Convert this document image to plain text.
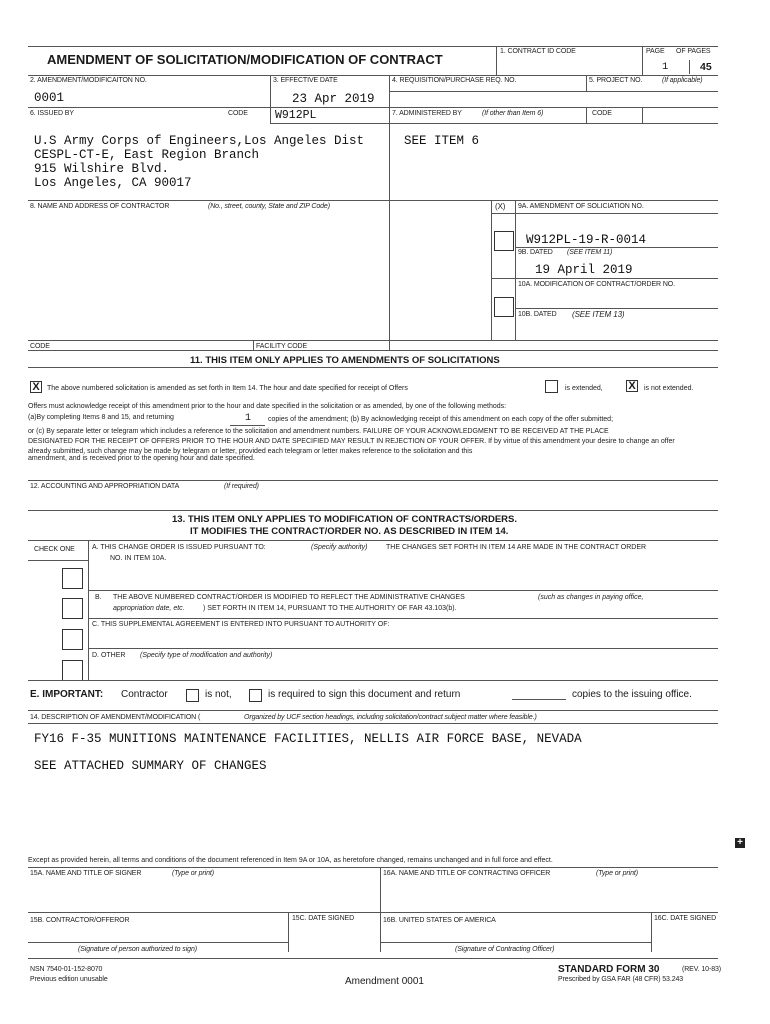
AMENDMENT OF SOLICITATION/MODIFICATION OF CONTRACT
1. CONTRACT ID CODE	PAGE OF PAGES
1	45
2. AMENDMENT/MODIFICAITON NO.
0001
3. EFFECTIVE DATE
23 Apr 2019
4. REQUISITION/PURCHASE REQ. NO.	5. PROJECT NO.	(If applicable)
6. ISSUED BY	CODE W912PL	7. ADMINISTERED BY	(If other than Item 6)	CODE
U.S Army Corps of Engineers,Los Angeles Dist
CESPL-CT-E, East Region Branch
915 Wilshire Blvd.
Los Angeles, CA 90017
SEE ITEM 6
8. NAME AND ADDRESS OF CONTRACTOR	(No., street, county, State and ZIP Code)	(X) 9A. AMENDMENT OF SOLICIATION NO.
W912PL-19-R-0014
9B. DATED (SEE ITEM 11)
19 April 2019
10A. MODIFICATION OF CONTRACT/ORDER NO.
10B. DATED (SEE ITEM 13)
CODE	FACILITY CODE
11. THIS ITEM ONLY APPLIES TO AMENDMENTS OF SOLICITATIONS
X	The above numbered solicitation is amended as set forth in Item 14. The hour and date specified for receipt of Offers	is extended, X	is not extended.
Offers must acknowledge receipt of this amendment prior to the hour and date specified in the solicitation or as amended, by one of the following methods:
(a)By completing Items 8 and 15, and returning	1 copies of the amendment; (b) By acknowledging receipt of this amendment on each copy of the offer submitted;
or (c) By separate letter or telegram which includes a reference to the solicitation and amendment numbers. FAILURE OF YOUR ACKNOWLEDGMENT TO BE RECEIVED AT THE PLACE
DESIGNATED FOR THE RECEIPT OF OFFERS PRIOR TO THE HOUR AND DATE SPECIFIED MAY RESULT IN REJECTION OF YOUR OFFER. If by virtue of this amendment your desire to change an offer
already submitted, such change may be made by telegram or letter, provided each telegram or letter makes reference to the solicitation and this
amendment, and is received prior to the opening hour and date specified.
12. ACCOUNTING AND APPROPRIATION DATA	(If required)
13. THIS ITEM ONLY APPLIES TO MODIFICATION OF CONTRACTS/ORDERS.
IT MODIFIES THE CONTRACT/ORDER NO. AS DESCRIBED IN ITEM 14.
CHECK ONE A. THIS CHANGE ORDER IS ISSUED PURSUANT TO:	(Specify authority)	THE CHANGES SET FORTH IN ITEM 14 ARE MADE IN THE CONTRACT ORDER
NO. IN ITEM 10A.
B. THE ABOVE NUMBERED CONTRACT/ORDER IS MODIFIED TO REFLECT THE ADMINISTRATIVE CHANGES	(such as changes in paying office,
appropriation date, etc.	) SET FORTH IN ITEM 14, PURSUANT TO THE AUTHORITY OF FAR 43.103(b).
C. THIS SUPPLEMENTAL AGREEMENT IS ENTERED INTO PURSUANT TO AUTHORITY OF:
D. OTHER (Specify type of modification and authority)
E. IMPORTANT: Contractor	is not,	is required to sign this document and return	copies to the issuing office.
14. DESCRIPTION OF AMENDMENT/MODIFICATION (	Organized by UCF section headings, including solicitation/contract subject matter where feasible.)
FY16 F-35 MUNITIONS MAINTENANCE FACILITIES, NELLIS AIR FORCE BASE, NEVADA
SEE ATTACHED SUMMARY OF CHANGES
+
Except as provided herein, all terms and conditions of the document referenced in Item 9A or 10A, as heretofore changed, remains unchanged and in full force and effect.
15A. NAME AND TITLE OF SIGNER	(Type or print)	16A. NAME AND TITLE OF CONTRACTING OFFICER	(Type or print)
15B. CONTRACTOR/OFFEROR	15C. DATE SIGNED	16B. UNITED STATES OF AMERICA	16C. DATE SIGNED
(Signature of person authorized to sign)	(Signature of Contracting Officer)
NSN 7540-01-152-8070
Previous edition unusable	Amendment 0001
STANDARD FORM 30	(REV. 10-83)
Prescribed by GSA FAR (48 CFR) 53.243
